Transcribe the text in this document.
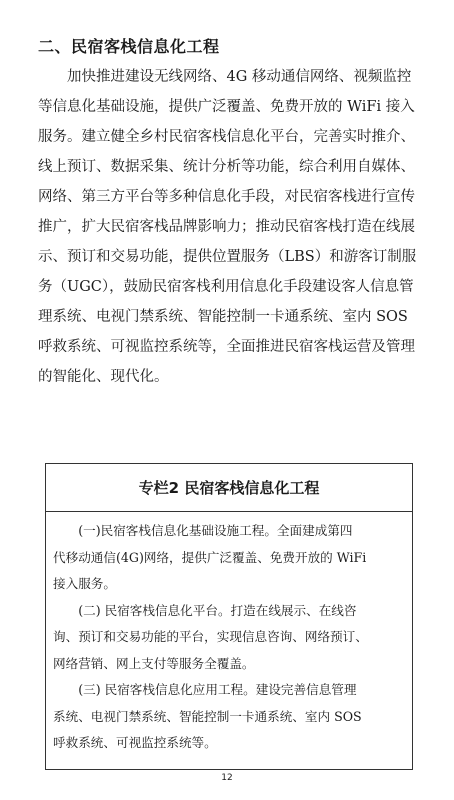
二、民宿客栈信息化工程
　　加快推进建设无线网络、4G 移动通信网络、视频监控
等信息化基础设施，提供广泛覆盖、免费开放的 WiFi 接入
服务。建立健全乡村民宿客栈信息化平台，完善实时推介、
线上预订、数据采集、统计分析等功能，综合利用自媒体、
网络、第三方平台等多种信息化手段，对民宿客栈进行宣传
推广，扩大民宿客栈品牌影响力；推动民宿客栈打造在线展
示、预订和交易功能，提供位置服务（LBS）和游客订制服
务（UGC），鼓励民宿客栈利用信息化手段建设客人信息管
理系统、电视门禁系统、智能控制一卡通系统、室内 SOS
呼救系统、可视监控系统等，全面推进民宿客栈运营及管理
的智能化、现代化。
专栏2 民宿客栈信息化工程
　　(一)民宿客栈信息化基础设施工程。全面建成第四
代移动通信(4G)网络，提供广泛覆盖、免费开放的 WiFi
接入服务。
　　(二) 民宿客栈信息化平台。打造在线展示、在线咨
询、预订和交易功能的平台，实现信息咨询、网络预订、
网络营销、网上支付等服务全覆盖。
　　(三) 民宿客栈信息化应用工程。建设完善信息管理
系统、电视门禁系统、智能控制一卡通系统、室内 SOS
呼救系统、可视监控系统等。
12
